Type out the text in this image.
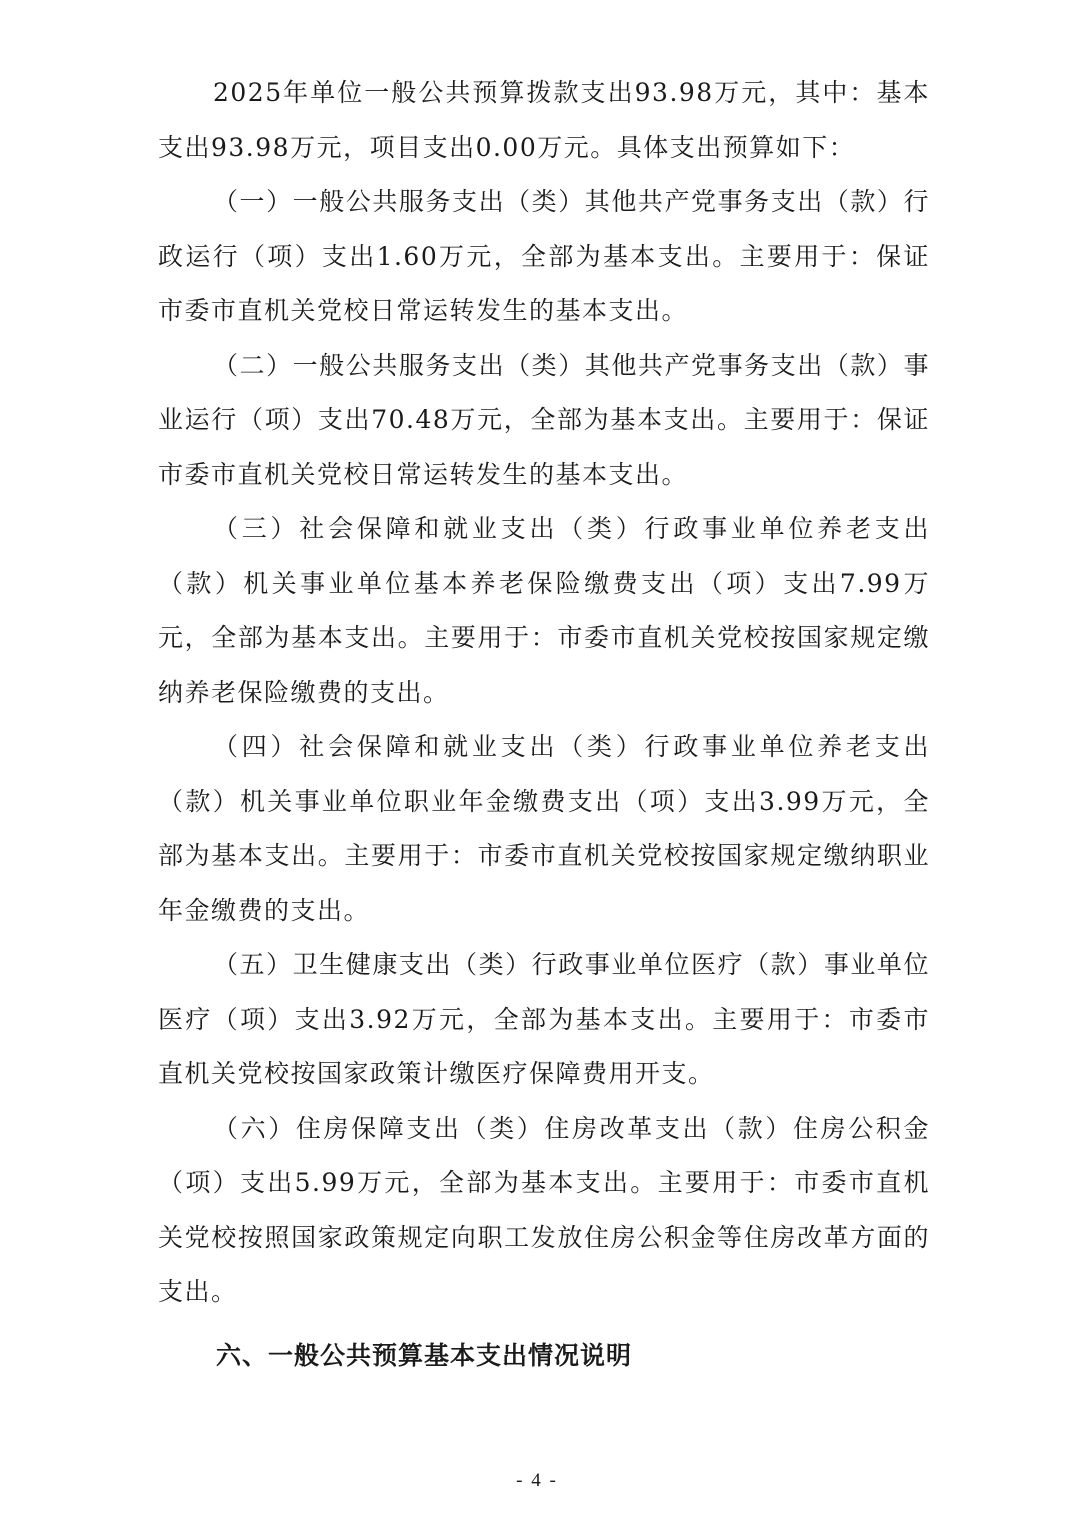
2025年单位一般公共预算拨款支出93.98万元，其中：基本支出93.98万元，项目支出0.00万元。具体支出预算如下：

（一）一般公共服务支出（类）其他共产党事务支出（款）行政运行（项）支出1.60万元，全部为基本支出。主要用于：保证市委市直机关党校日常运转发生的基本支出。

（二）一般公共服务支出（类）其他共产党事务支出（款）事业运行（项）支出70.48万元，全部为基本支出。主要用于：保证市委市直机关党校日常运转发生的基本支出。

（三）社会保障和就业支出（类）行政事业单位养老支出（款）机关事业单位基本养老保险缴费支出（项）支出7.99万元，全部为基本支出。主要用于：市委市直机关党校按国家规定缴纳养老保险缴费的支出。

（四）社会保障和就业支出（类）行政事业单位养老支出（款）机关事业单位职业年金缴费支出（项）支出3.99万元，全部为基本支出。主要用于：市委市直机关党校按国家规定缴纳职业年金缴费的支出。

（五）卫生健康支出（类）行政事业单位医疗（款）事业单位医疗（项）支出3.92万元，全部为基本支出。主要用于：市委市直机关党校按国家政策计缴医疗保障费用开支。

（六）住房保障支出（类）住房改革支出（款）住房公积金（项）支出5.99万元，全部为基本支出。主要用于：市委市直机关党校按照国家政策规定向职工发放住房公积金等住房改革方面的支出。

六、一般公共预算基本支出情况说明
- 4 -
